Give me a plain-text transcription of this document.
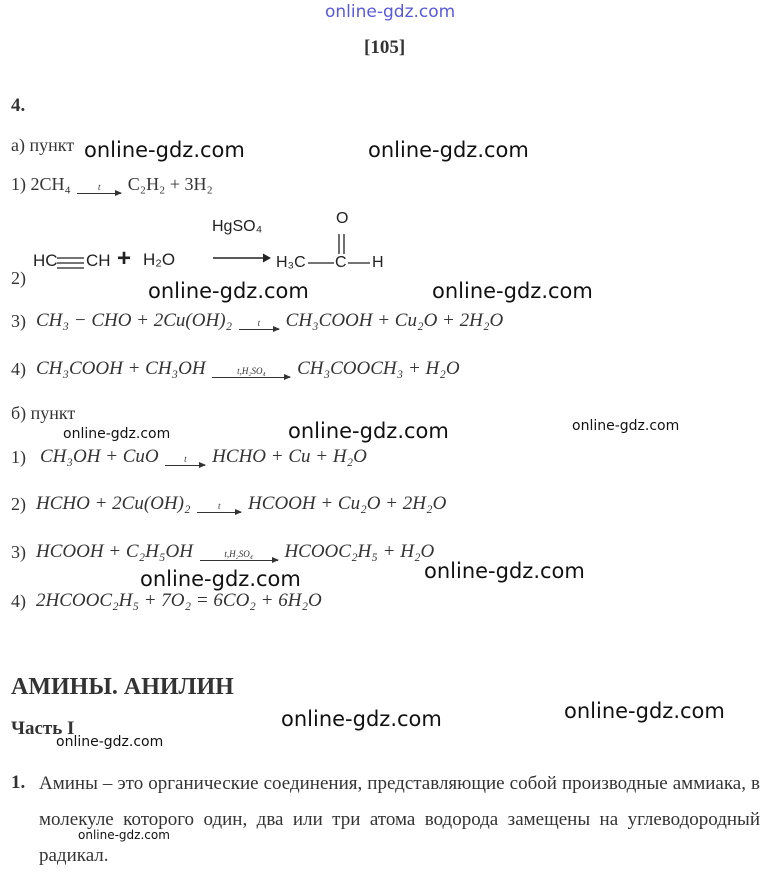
online-gdz.com
[105]
4.
а) пункт
1) 2CH₄	t	C₂H₂ + 3H₂
2)
HC CH + H₂O
HgSO₄
→ H₃C C H
O
3) CH₃ − CHO + 2Cu(OH)₂	t	CH₃COOH + Cu₂O + 2H₂O
4) CH₃COOH + CH₃OH	t,H₂SO₄	CH₃COOCH₃ + H₂O
б) пункт
1) CH₃OH + CuO	t	HCHO + Cu + H₂O
2) HCHO + 2Cu(OH)₂	t	HCOOH + Cu₂O + 2H₂O
3) HCOOH + C₂H₅OH	t,H₂SO₄	HCOOC₂H₅ + H₂O
4) 2HCOOC₂H₅ + 7O₂ = 6CO₂ + 6H₂O
АМИНЫ. АНИЛИН
Часть I
1. Амины – это органические соединения, представляющие собой производные аммиака, в молекуле которого один, два или три атома водорода замещены на углеводородный радикал.
online-gdz.com	online-gdz.com
online-gdz.com	online-gdz.com
online-gdz.com	online-gdz.com	online-gdz.com
online-gdz.com
online-gdz.com
online-gdz.com
online-gdz.com
online-gdz.com
online-gdz.com
